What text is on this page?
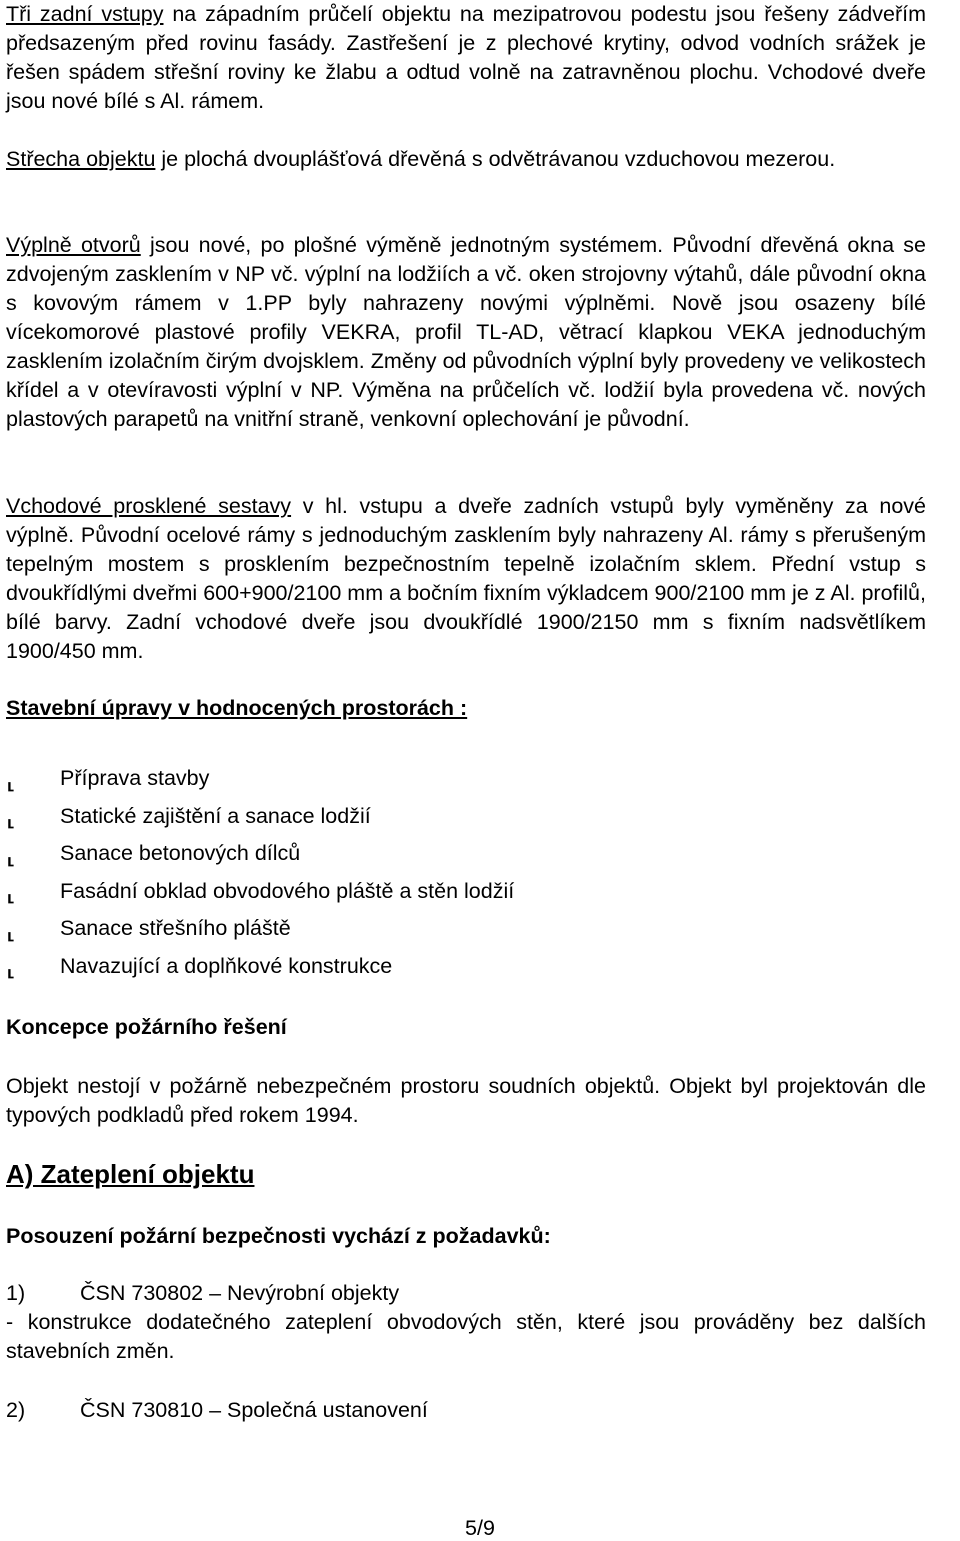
Tři zadní vstupy na západním průčelí objektu na mezipatrovou podestu jsou řešeny zádveřím předsazeným před rovinu fasády. Zastřešení je z plechové krytiny, odvod vodních srážek je řešen spádem střešní roviny ke žlabu a odtud volně na zatravněnou plochu. Vchodové dveře jsou nové bílé s Al. rámem.

Střecha objektu je plochá dvouplášťová dřevěná s odvětrávanou vzduchovou mezerou.

Výplně otvorů jsou nové, po plošné výměně jednotným systémem. Původní dřevěná okna se zdvojeným zasklením v NP vč. výplní na lodžiích a vč. oken strojovny výtahů, dále původní okna s kovovým rámem v 1.PP byly nahrazeny novými výplněmi. Nově jsou osazeny bílé vícekomorové plastové profily VEKRA, profil TL-AD, větrací klapkou VEKA jednoduchým zasklením izolačním čirým dvojsklem. Změny od původních výplní byly provedeny ve velikostech křídel a v otevíravosti výplní v NP. Výměna na průčelích vč. lodžií byla provedena vč. nových plastových parapetů na vnitřní straně, venkovní oplechování je původní.

Vchodové prosklené sestavy v hl. vstupu a dveře zadních vstupů byly vyměněny za nové výplně. Původní ocelové rámy s jednoduchým zasklením byly nahrazeny Al. rámy s přerušeným tepelným mostem s prosklením bezpečnostním tepelně izolačním sklem. Přední vstup s dvoukřídlými dveřmi 600+900/2100 mm a bočním fixním výkladcem 900/2100 mm je z Al. profilů, bílé barvy. Zadní vchodové dveře jsou dvoukřídlé 1900/2150 mm s fixním nadsvětlíkem 1900/450 mm.

Stavební úpravy v hodnocených prostorách :

⸤	Příprava stavby
⸤	Statické zajištění a sanace lodžií
⸤	Sanace betonových dílců
⸤	Fasádní obklad obvodového pláště a stěn lodžií
⸤	Sanace střešního pláště
⸤	Navazující a doplňkové konstrukce

Koncepce požárního řešení

Objekt nestojí v požárně nebezpečném prostoru soudních objektů. Objekt byl projektován dle typových podkladů před rokem 1994.

A) Zateplení objektu

Posouzení požární bezpečnosti vychází z požadavků:

1)	ČSN 730802 – Nevýrobní objekty

- konstrukce dodatečného zateplení obvodových stěn, které jsou prováděny bez dalších stavebních změn.

2)	ČSN 730810 – Společná ustanovení

5/9
